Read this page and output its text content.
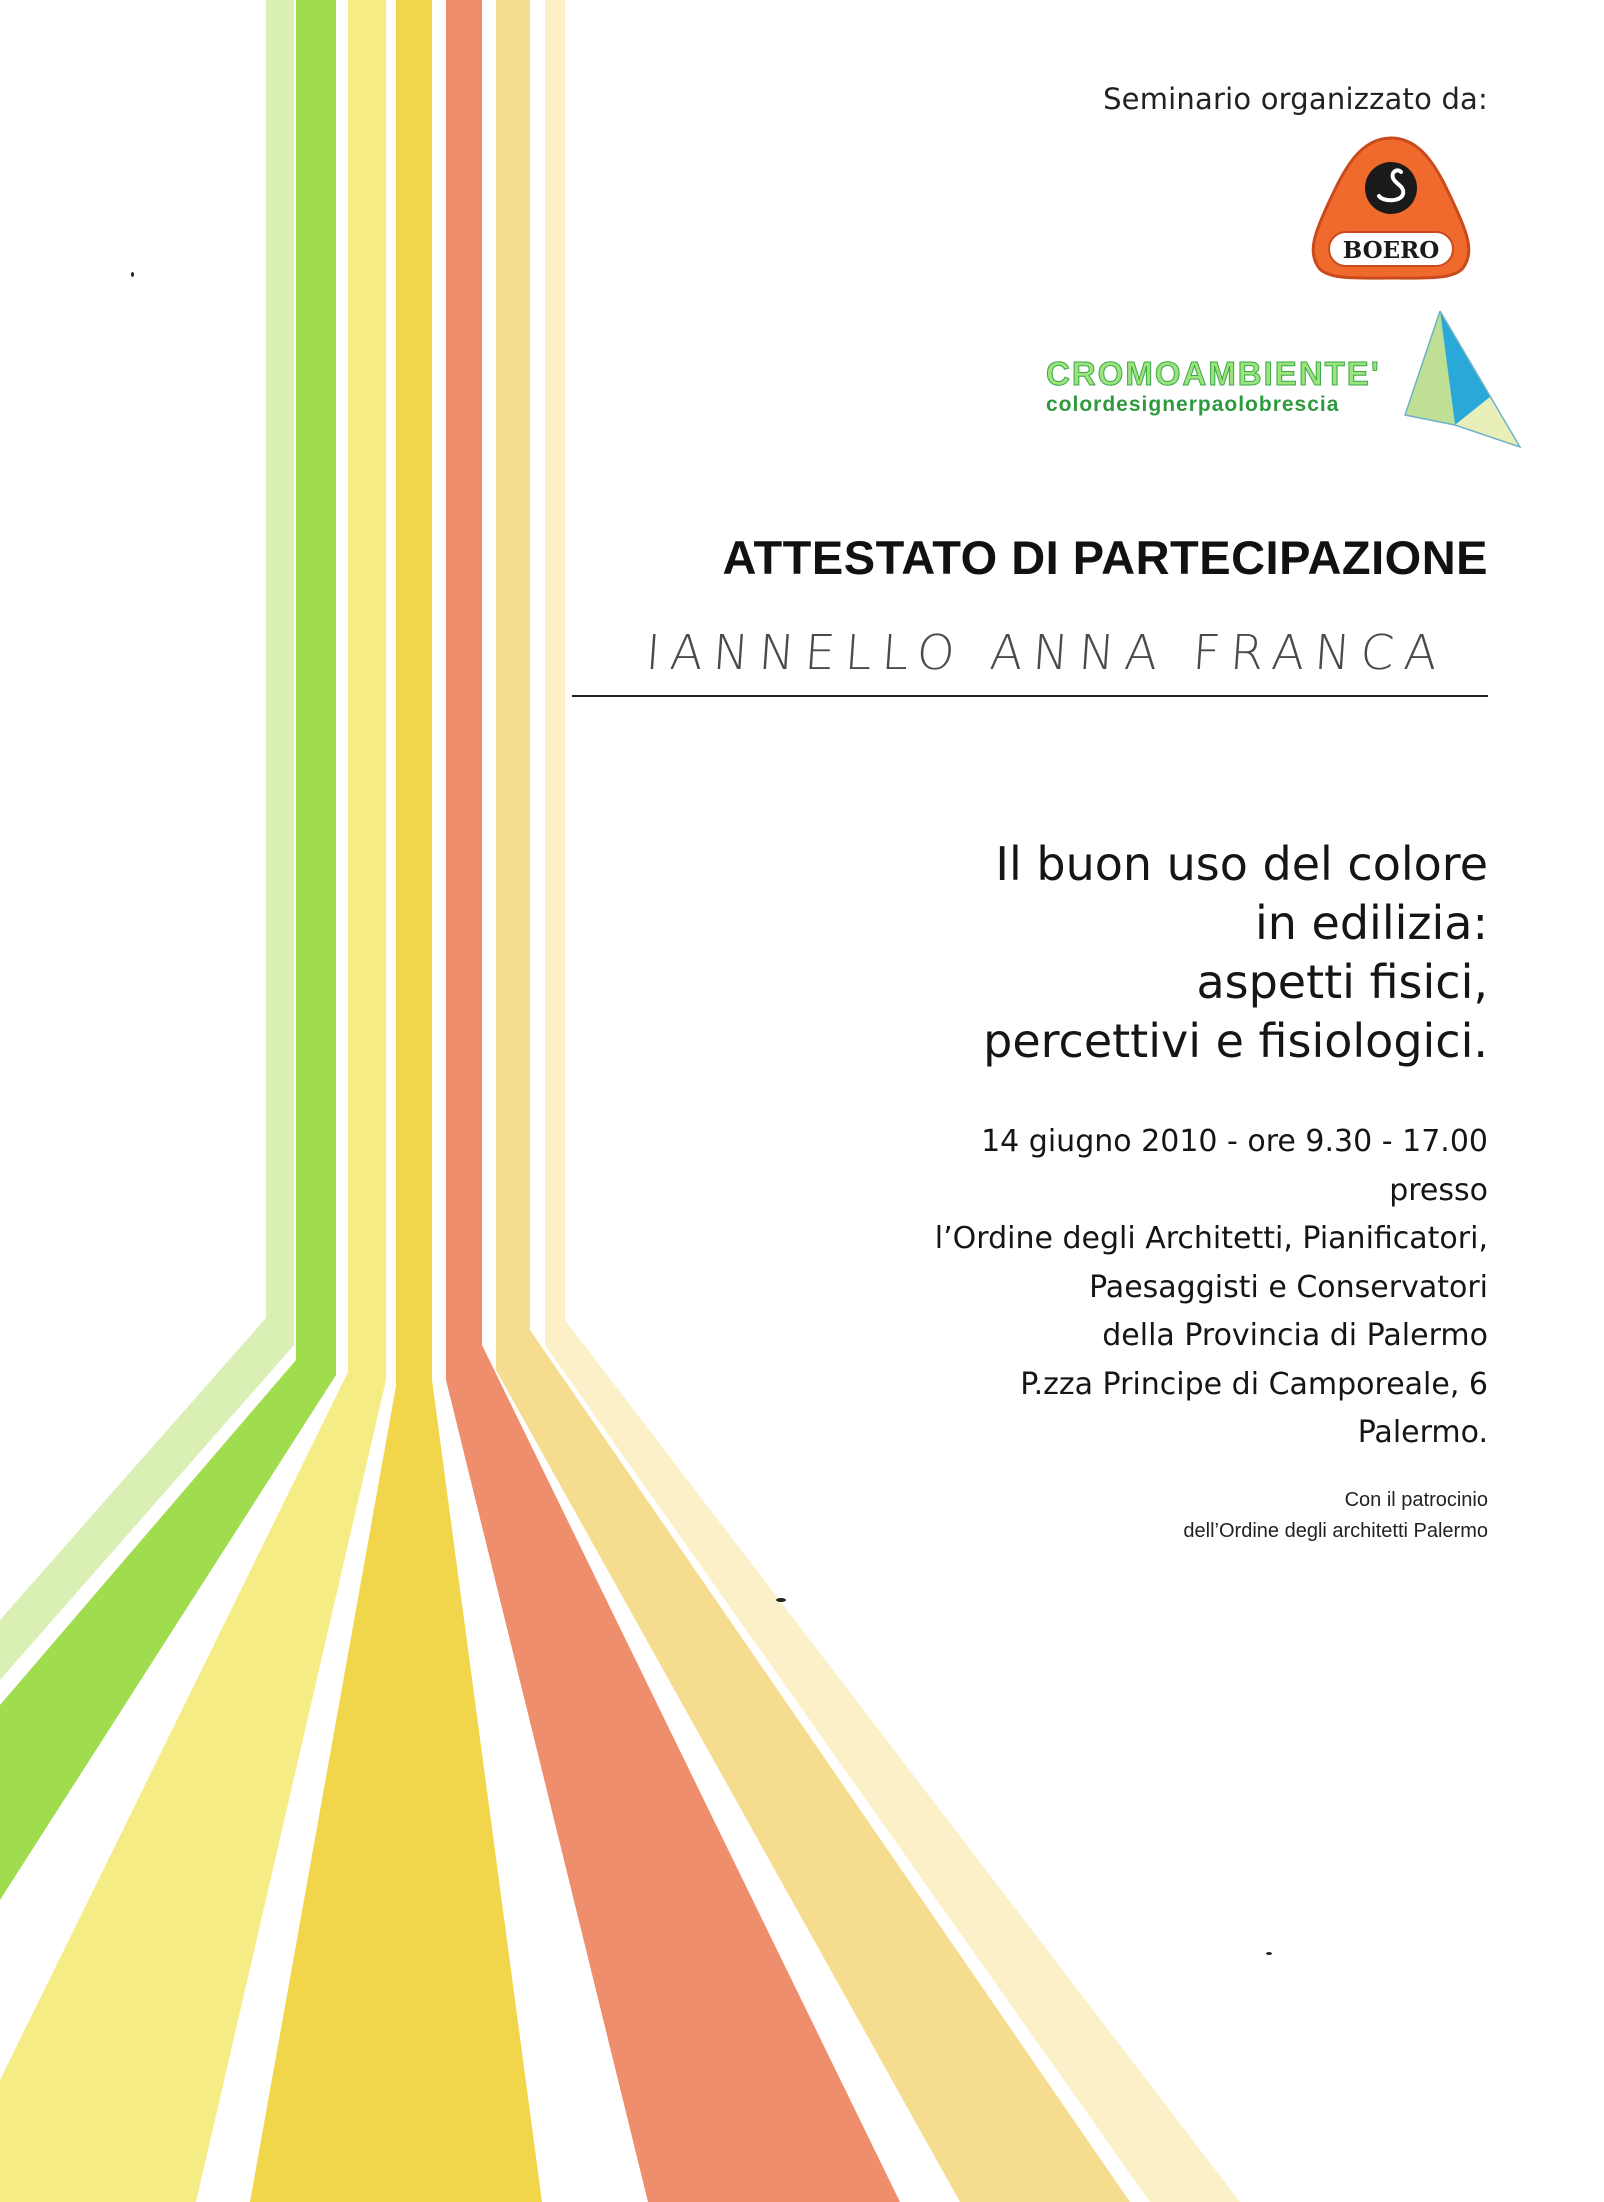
Seminario organizzato da:
BOERO
CROMOAMBIENTE'
colordesignerpaolobrescia
ATTESTATO DI PARTECIPAZIONE
IANNELLO ANNA FRANCA
Il buon uso del colore
in edilizia:
aspetti fisici,
percettivi e fisiologici.
14 giugno 2010 - ore 9.30 - 17.00
presso
l’Ordine degli Architetti, Pianificatori,
Paesaggisti e Conservatori
della Provincia di Palermo
P.zza Principe di Camporeale, 6
Palermo.
Con il patrocinio
dell’Ordine degli architetti Palermo
